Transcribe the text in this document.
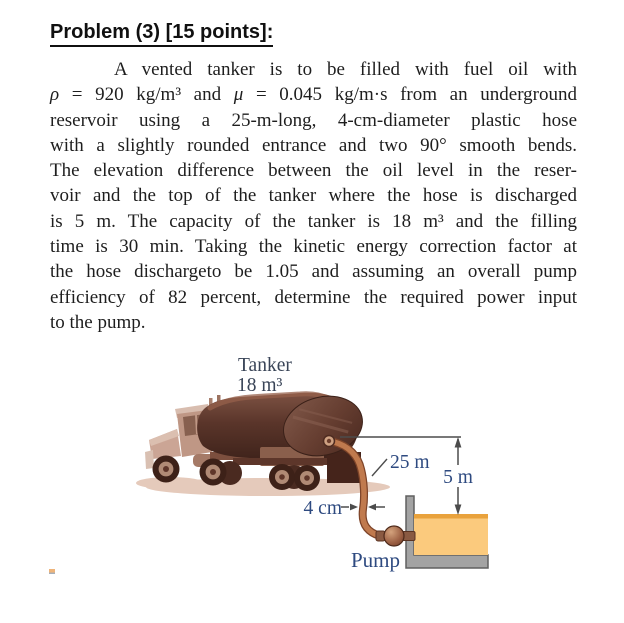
Problem (3) [15 points]:
A vented tanker is to be filled with fuel oil with
ρ = 920 kg/m³ and μ = 0.045 kg/m·s from an underground
reservoir using a 25-m-long, 4-cm-diameter plastic hose
with a slightly rounded entrance and two 90° smooth bends.
The elevation difference between the oil level in the reser-
voir and the top of the tanker where the hose is discharged
is 5 m. The capacity of the tanker is 18 m³ and the filling
time is 30 min. Taking the kinetic energy correction factor at
the hose dischargeto be 1.05 and assuming an overall pump
efficiency of 82 percent, determine the required power input
to the pump.
Tanker
18 m³
25 m
5 m
4 cm
Pump
